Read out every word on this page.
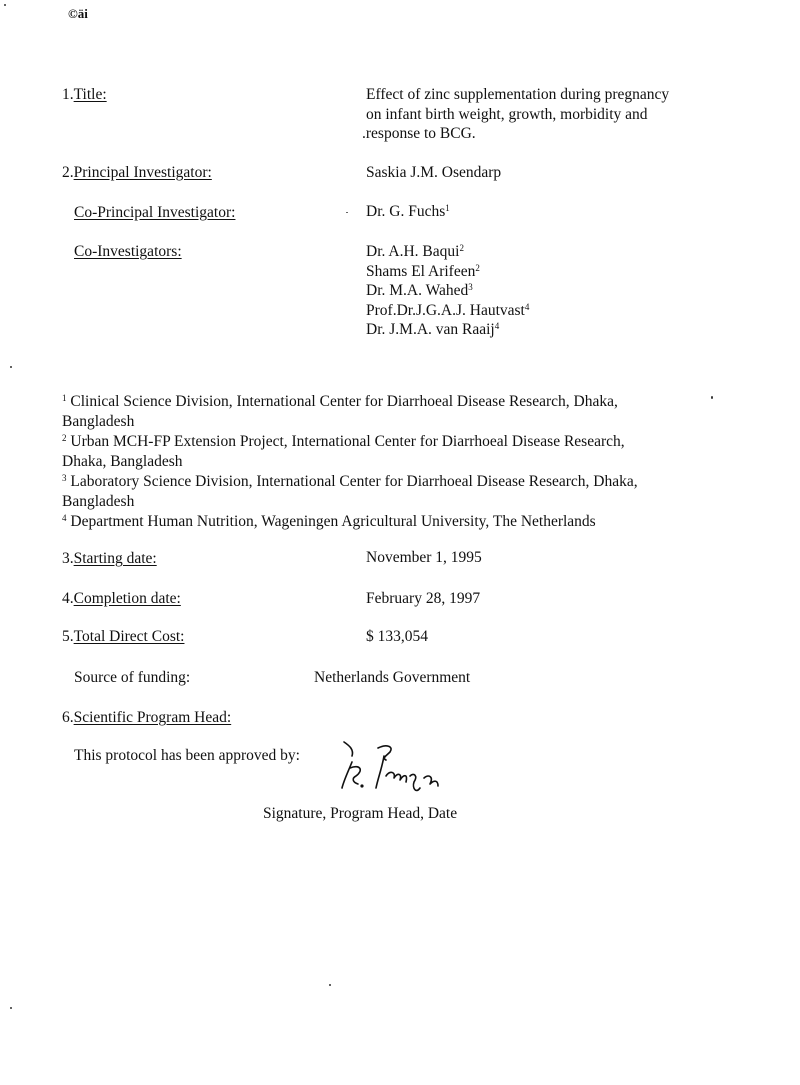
©äi
1.Title:	Effect of zinc supplementation during pregnancy
on infant birth weight, growth, morbidity and
.response to BCG.
2.Principal Investigator:	Saskia J.M. Osendarp
Co-Principal Investigator:	Dr. G. Fuchs$^1$
Co-Investigators:	Dr. A.H. Baqui$^2$
Shams El Arifeen$^2$
Dr. M.A. Wahed$^3$
Prof.Dr.J.G.A.J. Hautvast$^4$
Dr. J.M.A. van Raaij$^4$
$^1$ Clinical Science Division, International Center for Diarrhoeal Disease Research, Dhaka,
Bangladesh
$^2$ Urban MCH-FP Extension Project, International Center for Diarrhoeal Disease Research,
Dhaka, Bangladesh
$^3$ Laboratory Science Division, International Center for Diarrhoeal Disease Research, Dhaka,
Bangladesh
$^4$ Department Human Nutrition, Wageningen Agricultural University, The Netherlands
3.Starting date:	November 1, 1995
4.Completion date:	February 28, 1997
5.Total Direct Cost:	$ 133,054
Source of funding:	Netherlands Government
6.Scientific Program Head:
This protocol has been approved by:
Signature, Program Head, Date
